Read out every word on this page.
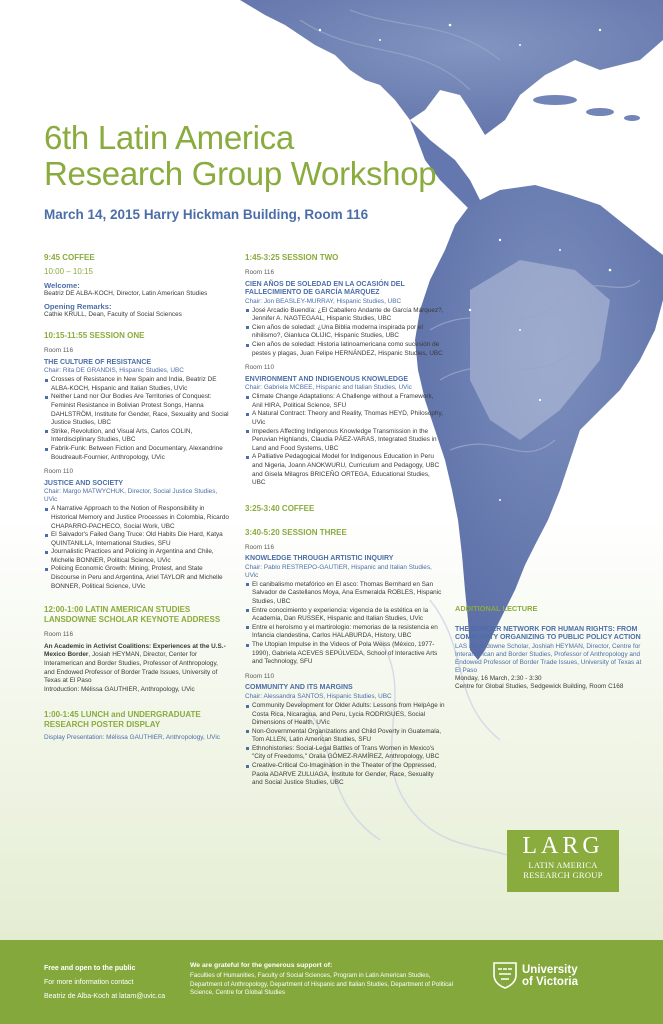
6th Latin America
Research Group Workshop
March 14, 2015 Harry Hickman Building, Room 116
9:45 COFFEE
10:00 – 10:15
Welcome:
Beatriz DE ALBA-KOCH, Director, Latin American Studies
Opening Remarks:
Cathie KRULL, Dean, Faculty of Social Sciences
10:15-11:55 SESSION ONE
Room 116
THE CULTURE OF RESISTANCE
Chair: Rita DE GRANDIS, Hispanic Studies, UBC
Crosses of Resistance in New Spain and India, Beatriz DE ALBA-KOCH, Hispanic and Italian Studies, UVic
Neither Land nor Our Bodies Are Territories of Conquest: Feminist Resistance in Bolivian Protest Songs, Hanna DAHLSTRÖM, Institute for Gender, Race, Sexuality and Social Justice Studies, UBC
Strike, Revolution, and Visual Arts, Carlos COLIN, Interdisciplinary Studies, UBC
Fabrik-Funk: Between Fiction and Documentary, Alexandrine Boudreault-Fournier, Anthropology, UVic
Room 110
JUSTICE AND SOCIETY
Chair: Margo MATWYCHUK, Director, Social Justice Studies, UVic
A Narrative Approach to the Notion of Responsibility in Historical Memory and Justice Processes in Colombia, Ricardo CHAPARRO-PACHECO, Social Work, UBC
El Salvador's Failed Gang Truce: Old Habits Die Hard, Katya QUINTANILLA, International Studies, SFU
Journalistic Practices and Policing in Argentina and Chile, Michelle BONNER, Political Science, UVic
Policing Economic Growth: Mining, Protest, and State Discourse in Peru and Argentina, Ariel TAYLOR and Michelle BONNER, Political Science, UVic
12:00-1:00 LATIN AMERICAN STUDIES LANSDOWNE SCHOLAR KEYNOTE ADDRESS
Room 116
An Academic in Activist Coalitions: Experiences at the U.S.-Mexico Border, Josiah HEYMAN, Director, Center for Interamerican and Border Studies, Professor of Anthropology, and Endowed Professor of Border Trade Issues, University of Texas at El Paso
Introduction: Mélissa GAUTHIER, Anthropology, UVic
1:00-1:45 LUNCH and UNDERGRADUATE RESEARCH POSTER DISPLAY
Display Presentation: Mélissa GAUTHIER, Anthropology, UVic
1:45-3:25 SESSION TWO
Room 116
CIEN AÑOS DE SOLEDAD EN LA OCASIÓN DEL FALLECIMIENTO DE GARCÍA MÁRQUEZ
Chair: Jon BEASLEY-MURRAY, Hispanic Studies, UBC
José Arcadio Buendía: ¿El Caballero Andante de García Márquez?, Jennifer A. NAGTEGAAL, Hispanic Studies, UBC
Cien años de soledad: ¿Una Biblia moderna inspirada por el nihilismo?, Gianluca OLIJIC, Hispanic Studies, UBC
Cien años de soledad: Historia latinoamericana como sucesión de pestes y plagas, Juan Felipe HERNÁNDEZ, Hispanic Studies, UBC
Room 110
ENVIRONMENT AND INDIGENOUS KNOWLEDGE
Chair: Gabriela MCBEE, Hispanic and Italian Studies, UVic
Climate Change Adaptations: A Challenge without a Framework, Anil HIRA, Political Science, SFU
A Natural Contract: Theory and Reality, Thomas HEYD, Philosophy, UVic
Impeders Affecting Indigenous Knowledge Transmission in the Peruvian Highlands, Claudia PÁEZ-VARAS, Integrated Studies in Land and Food Systems, UBC
A Palliative Pedagogical Model for Indigenous Education in Peru and Nigeria, Joann ANOKWURU, Curriculum and Pedagogy, UBC and Gisela Milagros BRICEÑO ORTEGA, Educational Studies, UBC
3:25-3:40 COFFEE
3:40-5:20 SESSION THREE
Room 116
KNOWLEDGE THROUGH ARTISTIC INQUIRY
Chair: Pablo RESTREPO-GAUTIER, Hispanic and Italian Studies, UVic
El canibalismo metafórico en El asco: Thomas Bernhard en San Salvador de Castellanos Moya, Ana Esmeralda ROBLES, Hispanic Studies, UBC
Entre conocimiento y experiencia: vigencia de la estética en la Academia, Dan RUSSEK, Hispanic and Italian Studies, UVic
Entre el heroísmo y el martirologio: memorias de la resistencia en Infancia clandestina, Carlos HALABURDA, History, UBC
The Utopian Impulse in the Videos of Pola Weiss (México, 1977-1990), Gabriela ACEVES SEPÚLVEDA, School of Interactive Arts and Technology, SFU
Room 110
COMMUNITY AND ITS MARGINS
Chair: Alessandra SANTOS, Hispanic Studies, UBC
Community Development for Older Adults: Lessons from HelpAge in Costa Rica, Nicaragua, and Peru, Lycia RODRIGUES, Social Dimensions of Health, UVic
Non-Governmental Organizations and Child Poverty in Guatemala, Tom ALLEN, Latin American Studies, SFU
Ethnohistories: Social-Legal Battles of Trans Women in Mexico's "City of Freedoms," Oralia GÓMEZ-RAMÍREZ, Anthropology, UBC
Creative-Critical Co-Imagination in the Theater of the Oppressed, Paola ADARVE ZULUAGA, Institute for Gender, Race, Sexuality and Social Justice Studies, UBC
ADDITIONAL LECTURE
THE BORDER NETWORK FOR HUMAN RIGHTS: FROM COMMUNITY ORGANIZING TO PUBLIC POLICY ACTION
LAS Landsdowne Scholar, Joshiah HEYMAN, Director, Centre for Interamerican and Border Studies, Professor of Anthropology and Endowed Professor of Border Trade Issues, University of Texas at El Paso
Monday, 16 March, 2:30 - 3:30
Centre for Global Studies, Sedgewick Building, Room C168
LARG
LATIN AMERICA
RESEARCH GROUP
Free and open to the public
For more information contact
Beatriz de Alba-Koch at latam@uvic.ca
We are grateful for the generous support of:
Faculties of Humanities, Faculty of Social Sciences, Program in Latin American Studies, Department of Anthropology, Department of Hispanic and Italian Studies, Department of Political Science, Centre for Global Studies
University
of Victoria
